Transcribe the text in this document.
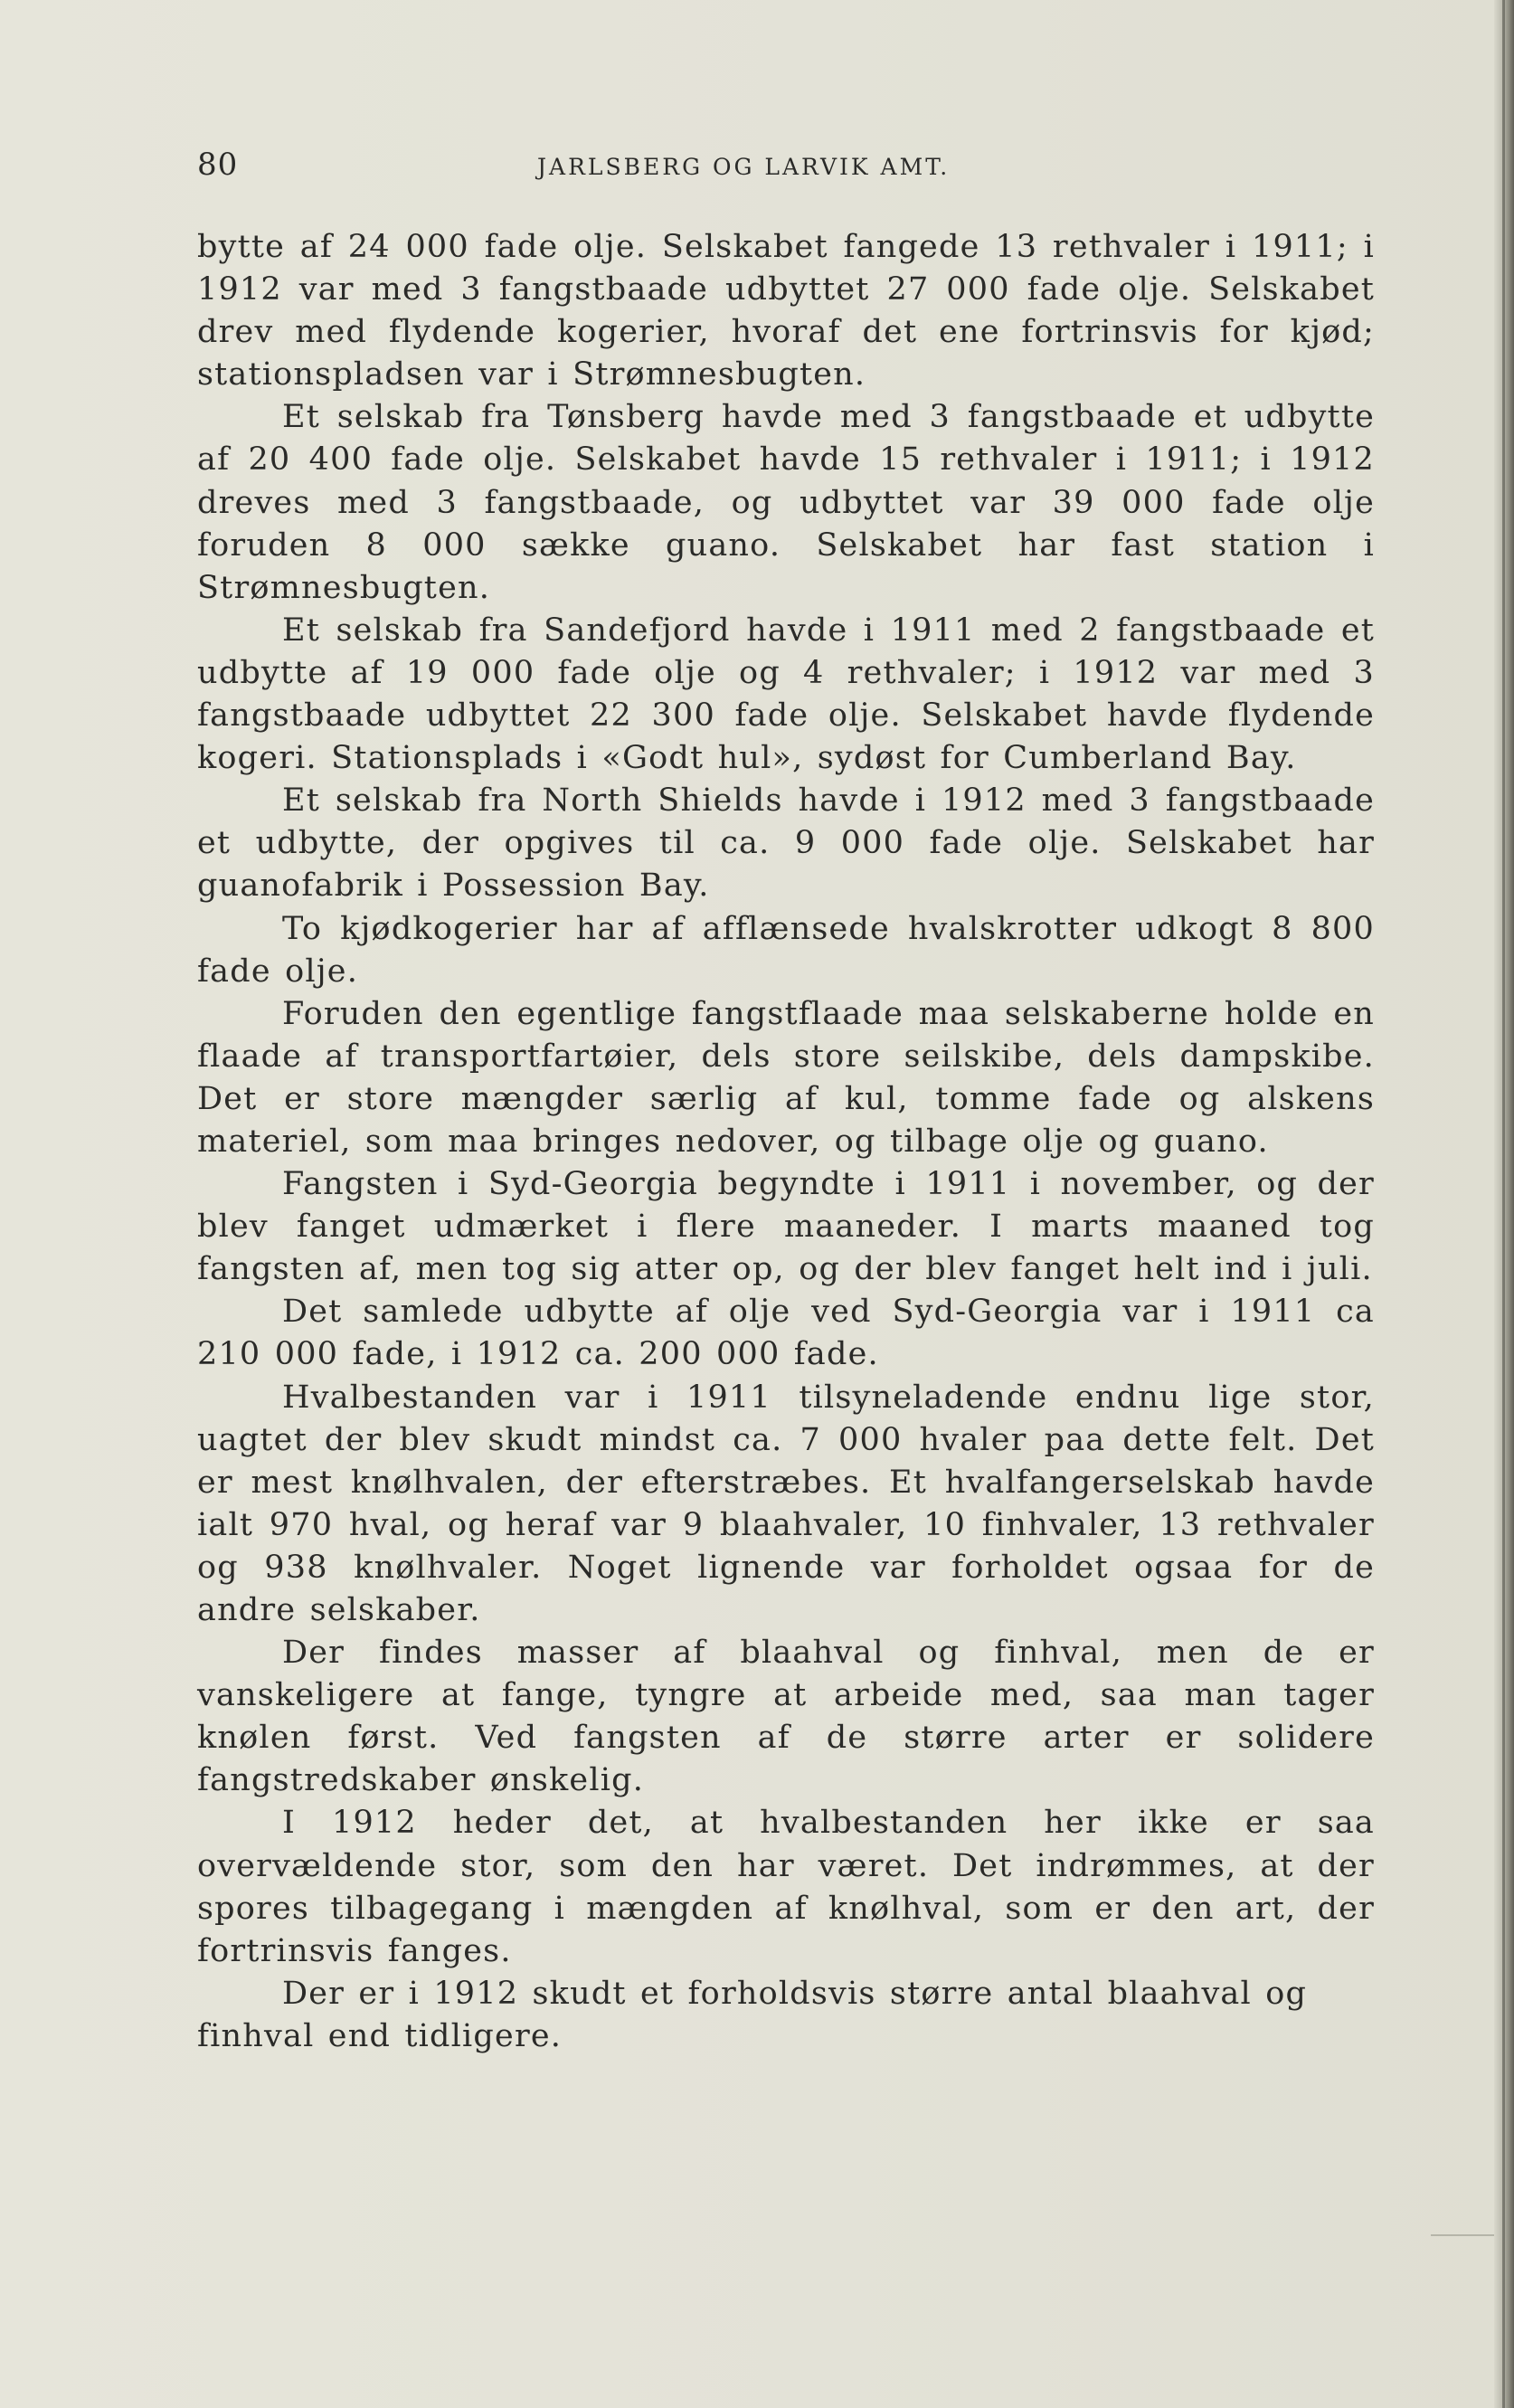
80	JARLSBERG OG LARVIK AMT.

bytte af 24 000 fade olje. Selskabet fangede 13 rethvaler i 1911; i 1912 var med 3 fangstbaade udbyttet 27 000 fade olje. Selskabet drev med flydende kogerier, hvoraf det ene fortrinsvis for kjød; stationspladsen var i Strømnesbugten.

Et selskab fra Tønsberg havde med 3 fangstbaade et udbytte af 20 400 fade olje. Selskabet havde 15 rethvaler i 1911; i 1912 dreves med 3 fangstbaade, og udbyttet var 39 000 fade olje foruden 8 000 sække guano. Selskabet har fast station i Strømnesbugten.

Et selskab fra Sandefjord havde i 1911 med 2 fangstbaade et udbytte af 19 000 fade olje og 4 rethvaler; i 1912 var med 3 fangstbaade udbyttet 22 300 fade olje. Selskabet havde flydende kogeri. Stationsplads i «Godt hul», sydøst for Cumberland Bay.

Et selskab fra North Shields havde i 1912 med 3 fangstbaade et udbytte, der opgives til ca. 9 000 fade olje. Selskabet har guanofabrik i Possession Bay.

To kjødkogerier har af afflænsede hvalskrotter udkogt 8 800 fade olje.

Foruden den egentlige fangstflaade maa selskaberne holde en flaade af transportfartøier, dels store seilskibe, dels dampskibe. Det er store mængder særlig af kul, tomme fade og alskens materiel, som maa bringes nedover, og tilbage olje og guano.

Fangsten i Syd-Georgia begyndte i 1911 i november, og der blev fanget udmærket i flere maaneder. I marts maaned tog fangsten af, men tog sig atter op, og der blev fanget helt ind i juli.

Det samlede udbytte af olje ved Syd-Georgia var i 1911 ca 210 000 fade, i 1912 ca. 200 000 fade.

Hvalbestanden var i 1911 tilsyneladende endnu lige stor, uagtet der blev skudt mindst ca. 7 000 hvaler paa dette felt. Det er mest knølhvalen, der efterstræbes. Et hvalfangerselskab havde ialt 970 hval, og heraf var 9 blaahvaler, 10 finhvaler, 13 rethvaler og 938 knølhvaler. Noget lignende var forholdet ogsaa for de andre selskaber.

Der findes masser af blaahval og finhval, men de er vanskeligere at fange, tyngre at arbeide med, saa man tager knølen først. Ved fangsten af de større arter er solidere fangstredskaber ønskelig.

I 1912 heder det, at hvalbestanden her ikke er saa overvældende stor, som den har været. Det indrømmes, at der spores tilbagegang i mængden af knølhval, som er den art, der fortrinsvis fanges.

Der er i 1912 skudt et forholdsvis større antal blaahval og finhval end tidligere.
